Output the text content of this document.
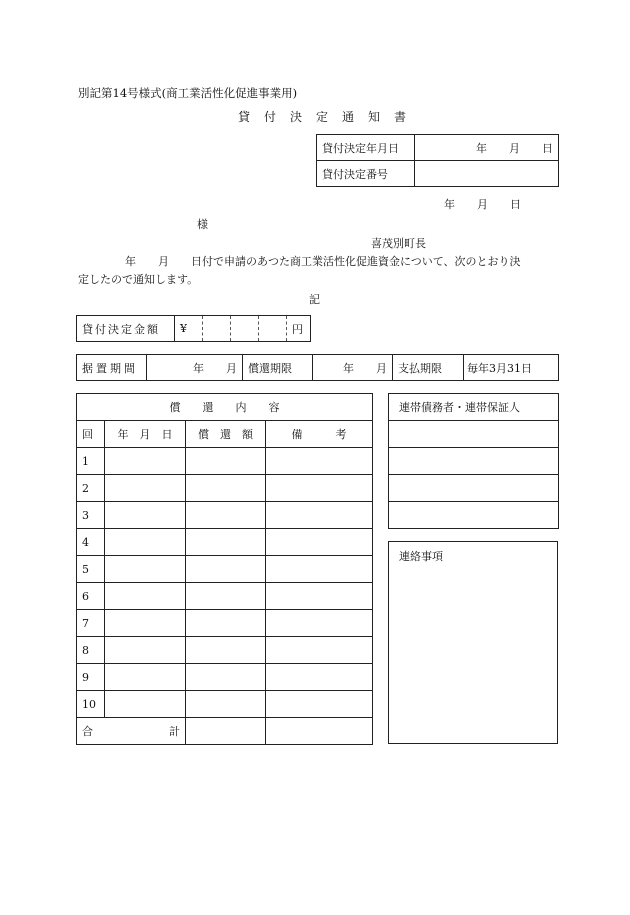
別記第14号様式(商工業活性化促進事業用)
貸　付　決　定　通　知　書
貸付決定年月日	年　　月　　日
貸付決定番号	
年　　月　　日
様
喜茂別町長
年　　月　　日付で申請のあつた商工業活性化促進資金について、次のとおり決
定したので通知します。
記
貸付決定金額	¥				円
据置期間	年　　月	償還期限	年　　月	支払期限	毎年3月31日
償　　還　　内　　容			
回	年　月　日	償　還　額	備　　　考
1			
2			
3			
4			
5			
6			
7			
8			
9			
10			

合 計			

連帯債務者・連帯保証人

連絡事項
